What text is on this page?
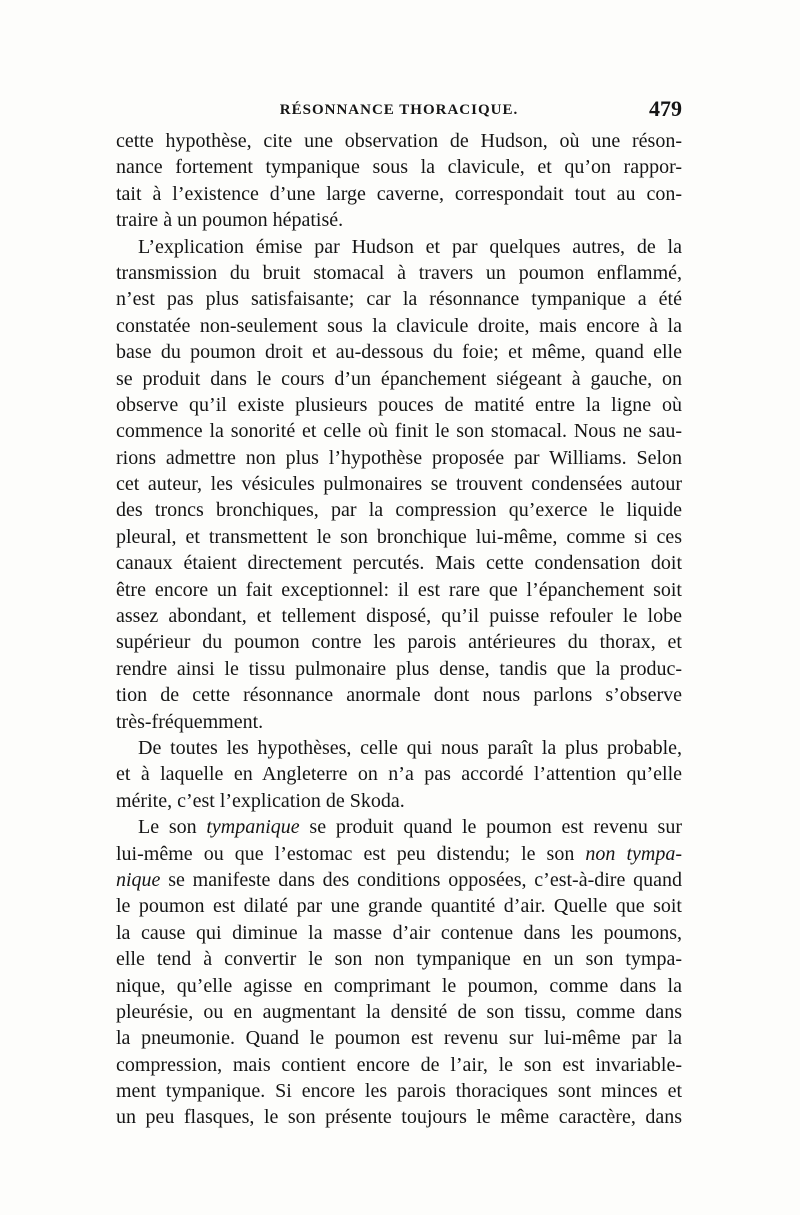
RÉSONNANCE THORACIQUE.	479
cette hypothèse, cite une observation de Hudson, où une réson-
nance fortement tympanique sous la clavicule, et qu’on rappor-
tait à l’existence d’une large caverne, correspondait tout au con-
traire à un poumon hépatisé.
L’explication émise par Hudson et par quelques autres, de la
transmission du bruit stomacal à travers un poumon enflammé,
n’est pas plus satisfaisante; car la résonnance tympanique a été
constatée non-seulement sous la clavicule droite, mais encore à la
base du poumon droit et au-dessous du foie; et même, quand elle
se produit dans le cours d’un épanchement siégeant à gauche, on
observe qu’il existe plusieurs pouces de matité entre la ligne où
commence la sonorité et celle où finit le son stomacal. Nous ne sau-
rions admettre non plus l’hypothèse proposée par Williams. Selon
cet auteur, les vésicules pulmonaires se trouvent condensées autour
des troncs bronchiques, par la compression qu’exerce le liquide
pleural, et transmettent le son bronchique lui-même, comme si ces
canaux étaient directement percutés. Mais cette condensation doit
être encore un fait exceptionnel: il est rare que l’épanchement soit
assez abondant, et tellement disposé, qu’il puisse refouler le lobe
supérieur du poumon contre les parois antérieures du thorax, et
rendre ainsi le tissu pulmonaire plus dense, tandis que la produc-
tion de cette résonnance anormale dont nous parlons s’observe
très-fréquemment.
De toutes les hypothèses, celle qui nous paraît la plus probable,
et à laquelle en Angleterre on n’a pas accordé l’attention qu’elle
mérite, c’est l’explication de Skoda.
Le son tympanique se produit quand le poumon est revenu sur
lui-même ou que l’estomac est peu distendu; le son non tympa-
nique se manifeste dans des conditions opposées, c’est-à-dire quand
le poumon est dilaté par une grande quantité d’air. Quelle que soit
la cause qui diminue la masse d’air contenue dans les poumons,
elle tend à convertir le son non tympanique en un son tympa-
nique, qu’elle agisse en comprimant le poumon, comme dans la
pleurésie, ou en augmentant la densité de son tissu, comme dans
la pneumonie. Quand le poumon est revenu sur lui-même par la
compression, mais contient encore de l’air, le son est invariable-
ment tympanique. Si encore les parois thoraciques sont minces et
un peu flasques, le son présente toujours le même caractère, dans
